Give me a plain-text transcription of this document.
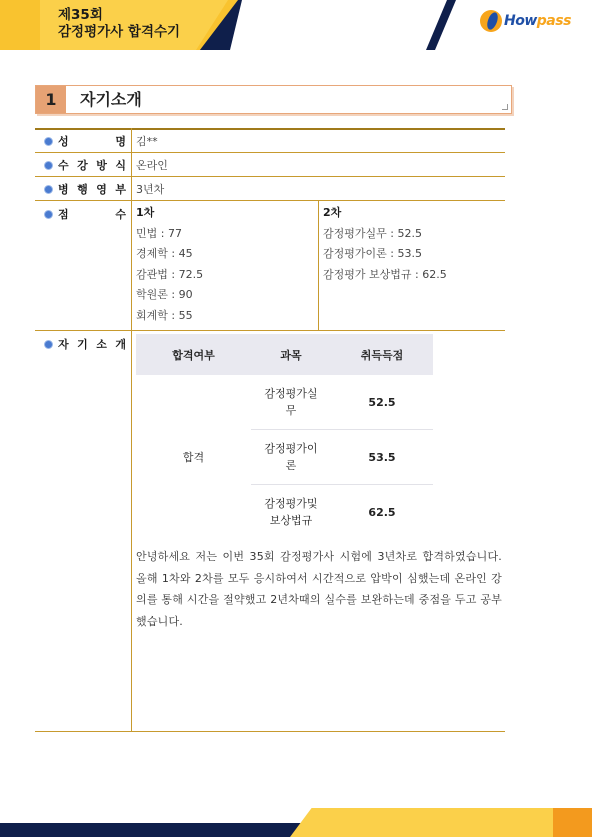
제35회
감정평가사 합격수기
Howpass
1	자기소개
성	명 김**
수 강 방 식 온라인
병 행 영 부 3년차
점	수 1차
민법 : 77
경제학 : 45
감관법 : 72.5
학원론 : 90
회계학 : 55
2차
감정평가실무 : 52.5
감정평가이론 : 53.5
감정평가 보상법규 : 62.5
자 기 소 개
합격여부	과목	취득득점
합격	감정평가실
무	52.5

	감정평가이
론	53.5

	감정평가및
보상법규	62.5
안녕하세요 저는 이번 35회 감정평가사 시험에 3년차로 합격하였습니다. 올해 1차와 2차를 모두 응시하여서 시간적으로 압박이 심했는데 온라인 강의를 통해 시간을 절약했고 2년차때의 실수를 보완하는데 중점을 두고 공부했습니다.
